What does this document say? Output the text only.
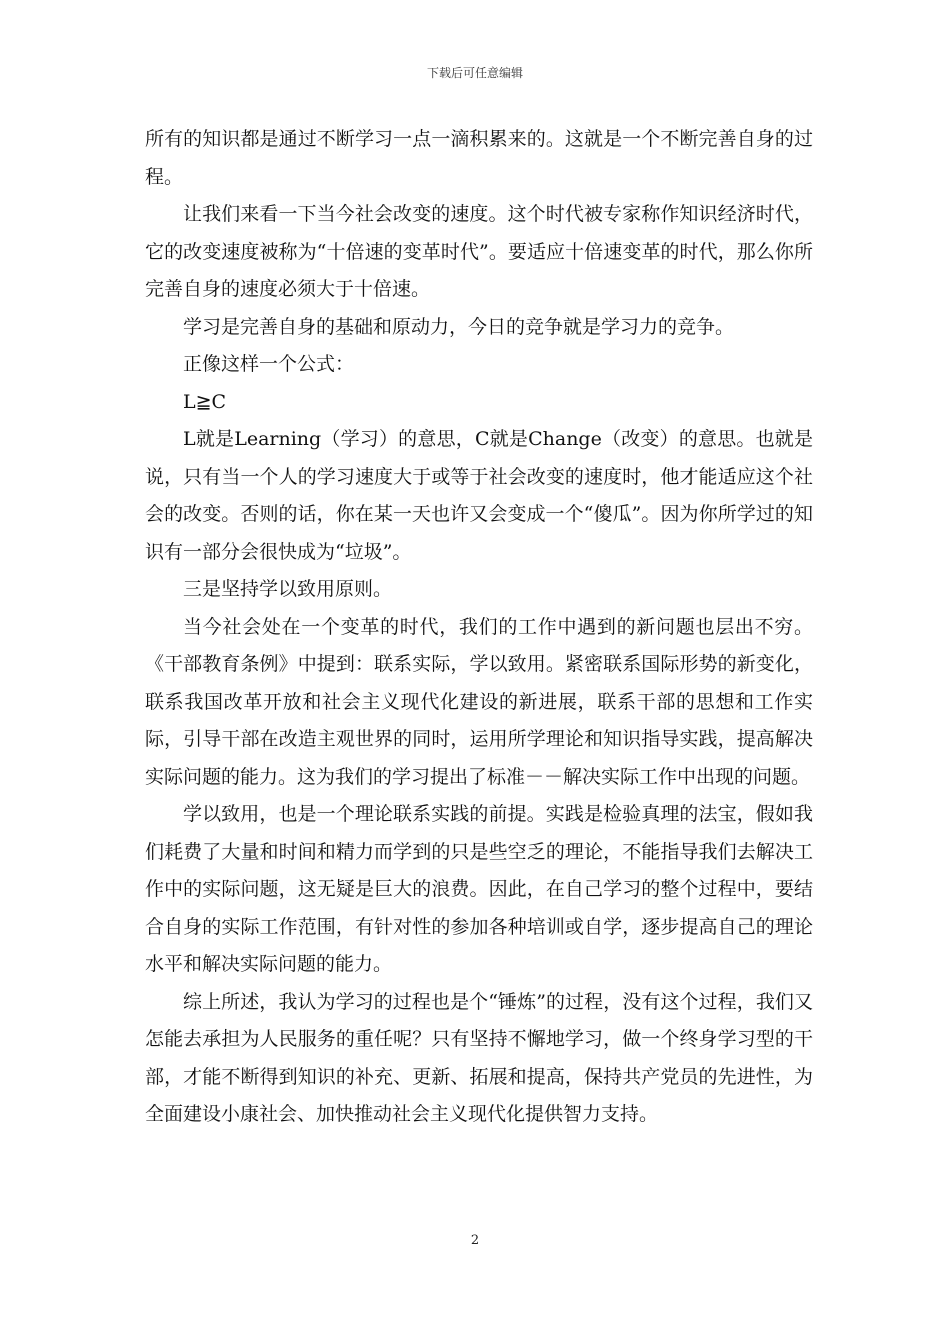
下载后可任意编辑

所有的知识都是通过不断学习一点一滴积累来的。这就是一个不断完善自身的过程。

让我们来看一下当今社会改变的速度。这个时代被专家称作知识经济时代，它的改变速度被称为“十倍速的变革时代”。要适应十倍速变革的时代，那么你所完善自身的速度必须大于十倍速。

学习是完善自身的基础和原动力，今日的竞争就是学习力的竞争。

正像这样一个公式：

L≧C

L就是Learning（学习）的意思，C就是Change（改变）的意思。也就是说，只有当一个人的学习速度大于或等于社会改变的速度时，他才能适应这个社会的改变。否则的话，你在某一天也许又会变成一个“傻瓜”。因为你所学过的知识有一部分会很快成为“垃圾”。

三是坚持学以致用原则。

当今社会处在一个变革的时代，我们的工作中遇到的新问题也层出不穷。《干部教育条例》中提到：联系实际，学以致用。紧密联系国际形势的新变化，联系我国改革开放和社会主义现代化建设的新进展，联系干部的思想和工作实际，引导干部在改造主观世界的同时，运用所学理论和知识指导实践，提高解决实际问题的能力。这为我们的学习提出了标准－－解决实际工作中出现的问题。

学以致用，也是一个理论联系实践的前提。实践是检验真理的法宝，假如我们耗费了大量和时间和精力而学到的只是些空乏的理论，不能指导我们去解决工作中的实际问题，这无疑是巨大的浪费。因此，在自己学习的整个过程中，要结合自身的实际工作范围，有针对性的参加各种培训或自学，逐步提高自己的理论水平和解决实际问题的能力。

综上所述，我认为学习的过程也是个“锤炼”的过程，没有这个过程，我们又怎能去承担为人民服务的重任呢？只有坚持不懈地学习，做一个终身学习型的干部，才能不断得到知识的补充、更新、拓展和提高，保持共产党员的先进性，为全面建设小康社会、加快推动社会主义现代化提供智力支持。

2
